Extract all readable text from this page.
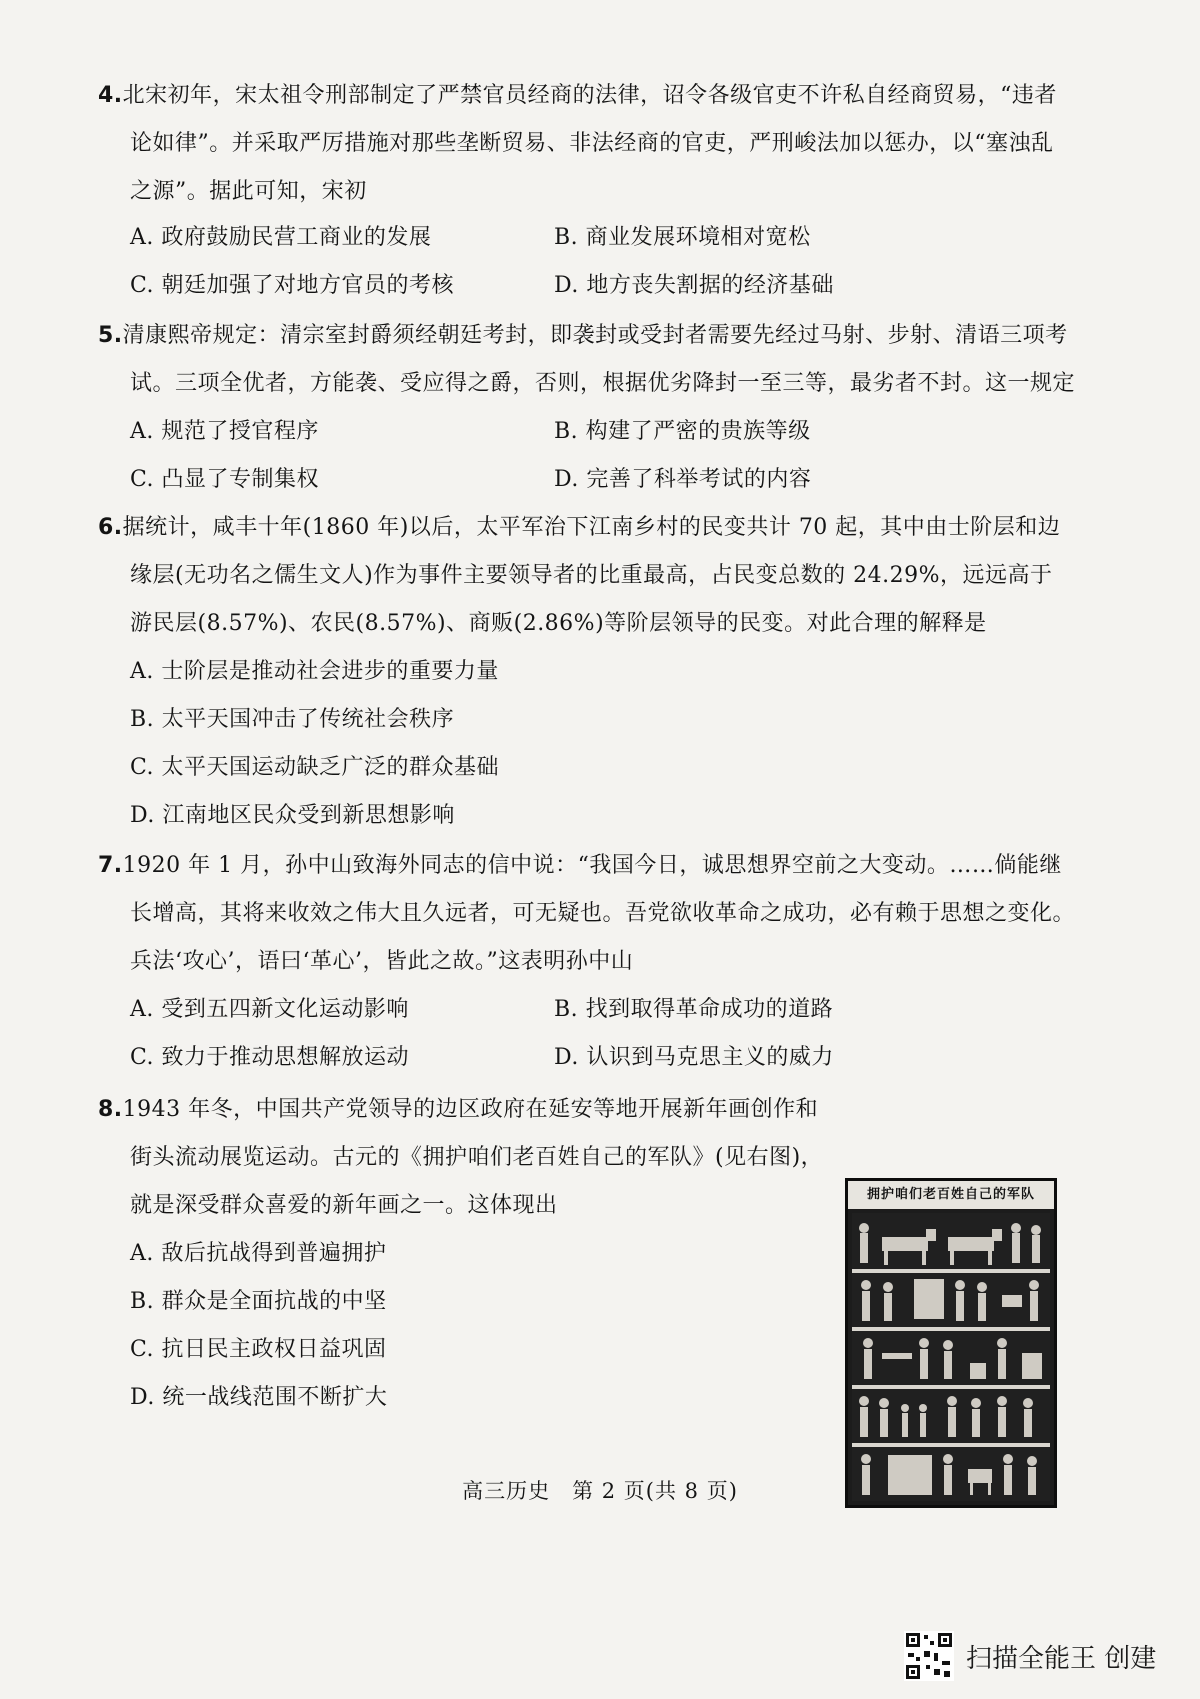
4.北宋初年，宋太祖令刑部制定了严禁官员经商的法律，诏令各级官吏不许私自经商贸易，“违者
论如律”。并采取严厉措施对那些垄断贸易、非法经商的官吏，严刑峻法加以惩办，以“塞浊乱
之源”。据此可知，宋初
A. 政府鼓励民营工商业的发展	B. 商业发展环境相对宽松
C. 朝廷加强了对地方官员的考核	D. 地方丧失割据的经济基础
5.清康熙帝规定：清宗室封爵须经朝廷考封，即袭封或受封者需要先经过马射、步射、清语三项考
试。三项全优者，方能袭、受应得之爵，否则，根据优劣降封一至三等，最劣者不封。这一规定
A. 规范了授官程序	B. 构建了严密的贵族等级
C. 凸显了专制集权	D. 完善了科举考试的内容
6.据统计，咸丰十年(1860 年)以后，太平军治下江南乡村的民变共计 70 起，其中由士阶层和边
缘层(无功名之儒生文人)作为事件主要领导者的比重最高，占民变总数的 24.29%，远远高于
游民层(8.57%)、农民(8.57%)、商贩(2.86%)等阶层领导的民变。对此合理的解释是
A. 士阶层是推动社会进步的重要力量
B. 太平天国冲击了传统社会秩序
C. 太平天国运动缺乏广泛的群众基础
D. 江南地区民众受到新思想影响
7.1920 年 1 月，孙中山致海外同志的信中说：“我国今日，诚思想界空前之大变动。……倘能继
长增高，其将来收效之伟大且久远者，可无疑也。吾党欲收革命之成功，必有赖于思想之变化。
兵法‘攻心’，语曰‘革心’，皆此之故。”这表明孙中山
A. 受到五四新文化运动影响	B. 找到取得革命成功的道路
C. 致力于推动思想解放运动	D. 认识到马克思主义的威力
8.1943 年冬，中国共产党领导的边区政府在延安等地开展新年画创作和
街头流动展览运动。古元的《拥护咱们老百姓自己的军队》(见右图)，
就是深受群众喜爱的新年画之一。这体现出
A. 敌后抗战得到普遍拥护
B. 群众是全面抗战的中坚
C. 抗日民主政权日益巩固
D. 统一战线范围不断扩大
拥护咱们老百姓自己的军队
高三历史　第 2 页(共 8 页)
扫描全能王 创建
